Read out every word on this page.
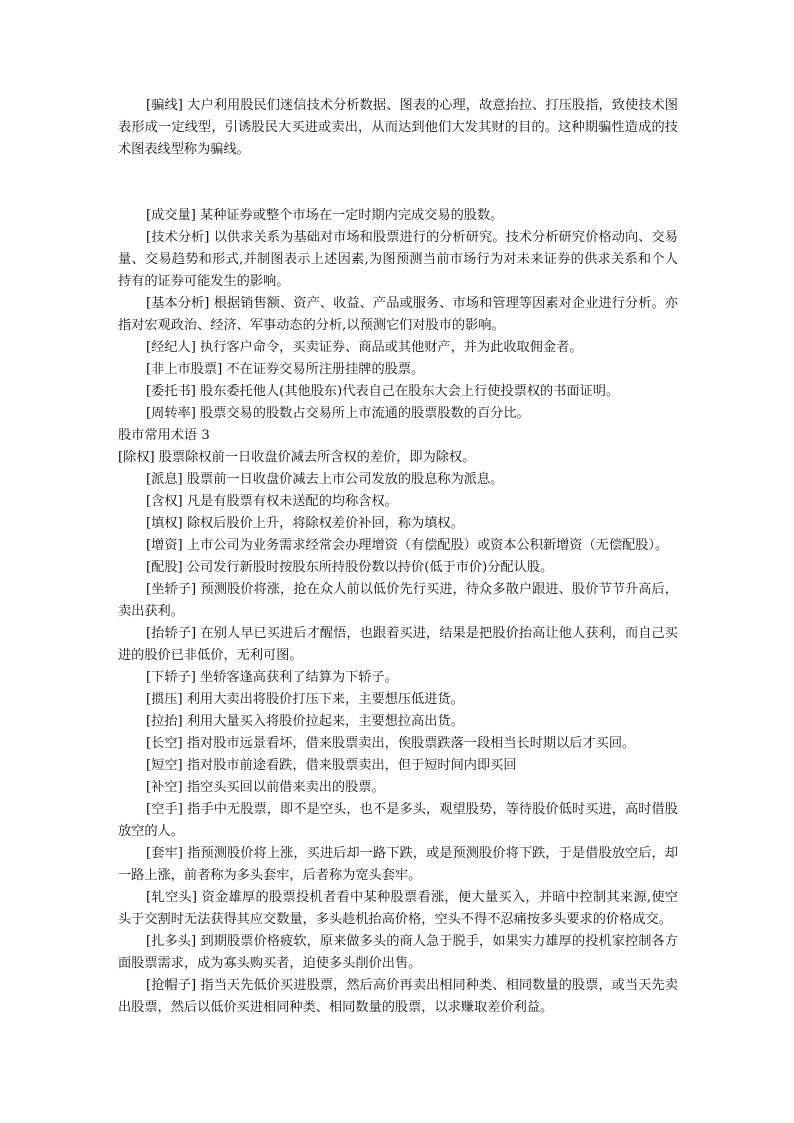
[骗线] 大户利用股民们迷信技术分析数据、图表的心理，故意抬拉、打压股指，致使技术图表形成一定线型，引诱股民大买进或卖出，从而达到他们大发其财的目的。这种期骗性造成的技术图表线型称为骗线。

[成交量] 某种证券或整个市场在一定时期内完成交易的股数。

[技术分析] 以供求关系为基础对市场和股票进行的分析研究。技术分析研究价格动向、交易量、交易趋势和形式,并制图表示上述因素,为图预测当前市场行为对未来证券的供求关系和个人持有的证券可能发生的影响。

[基本分析] 根据销售额、资产、收益、产品或服务、市场和管理等因素对企业进行分析。亦指对宏观政治、经济、军事动态的分析,以预测它们对股市的影响。

[经纪人] 执行客户命令，买卖证券、商品或其他财产，并为此收取佣金者。

[非上市股票] 不在证券交易所注册挂牌的股票。

[委托书] 股东委托他人(其他股东)代表自己在股东大会上行使投票权的书面证明。

[周转率] 股票交易的股数占交易所上市流通的股票股数的百分比。

股市常用术语 3

[除权] 股票除权前一日收盘价减去所含权的差价，即为除权。

[派息] 股票前一日收盘价减去上市公司发放的股息称为派息。

[含权] 凡是有股票有权未送配的均称含权。

[填权] 除权后股价上升，将除权差价补回，称为填权。

[增资] 上市公司为业务需求经常会办理增资（有偿配股）或资本公积新增资（无偿配股）。

[配股] 公司发行新股时按股东所持股份数以持价(低于市价)分配认股。

[坐轿子] 预测股价将涨，抢在众人前以低价先行买进，待众多散户跟进、股价节节升高后，卖出获利。

[抬轿子] 在别人早已买进后才醒悟，也跟着买进，结果是把股价抬高让他人获利，而自己买进的股价已非低价，无利可图。

[下轿子] 坐轿客逢高获利了结算为下轿子。

[掼压] 利用大卖出将股价打压下来，主要想压低进货。

[拉抬] 利用大量买入将股价拉起来，主要想拉高出货。

[长空] 指对股市远景看坏，借来股票卖出，俟股票跌落一段相当长时期以后才买回。

[短空] 指对股市前途看跌，借来股票卖出，但于短时间内即买回

[补空] 指空头买回以前借来卖出的股票。

[空手] 指手中无股票，即不是空头，也不是多头，观望股势，等待股价低时买进，高时借股放空的人。

[套牢] 指预测股价将上涨，买进后却一路下跌，或是预测股价将下跌，于是借股放空后，却一路上涨，前者称为多头套牢，后者称为宽头套牢。

[轧空头] 资金雄厚的股票投机者看中某种股票看涨，便大量买入，并暗中控制其来源,使空头于交割时无法获得其应交数量，多头趁机抬高价格，空头不得不忍痛按多头要求的价格成交。

[扎多头] 到期股票价格疲软，原来做多头的商人急于脱手，如果实力雄厚的投机家控制各方面股票需求，成为寡头购买者，迫使多头削价出售。

[抢帽子] 指当天先低价买进股票，然后高价再卖出相同种类、相同数量的股票，或当天先卖出股票，然后以低价买进相同种类、相同数量的股票，以求赚取差价利益。
